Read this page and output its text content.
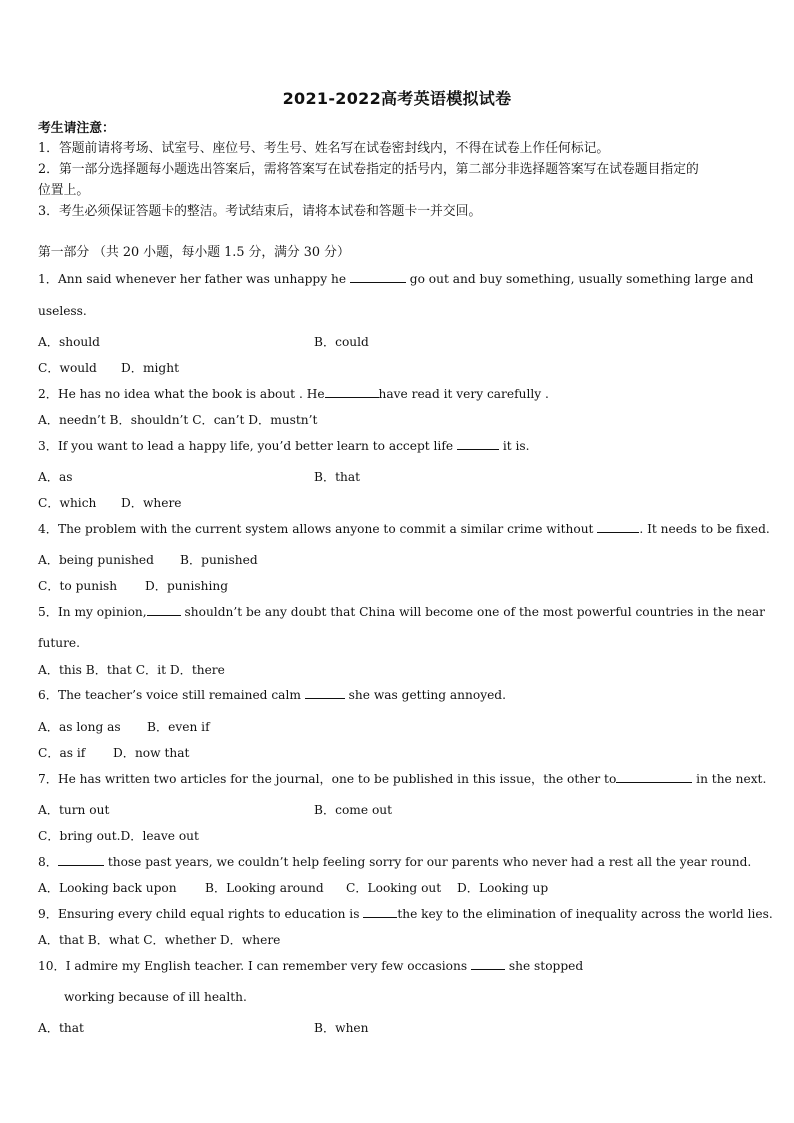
2021-2022高考英语模拟试卷
考生请注意：
1．答题前请将考场、试室号、座位号、考生号、姓名写在试卷密封线内，不得在试卷上作任何标记。
2．第一部分选择题每小题选出答案后，需将答案写在试卷指定的括号内，第二部分非选择题答案写在试卷题目指定的
位置上。
3．考生必须保证答题卡的整洁。考试结束后，请将本试卷和答题卡一并交回。
第一部分 （共 20 小题，每小题 1.5 分，满分 30 分）
1．Ann said whenever her father was unhappy he	go out and buy something, usually something large and
useless.
A．should	B．could
C．would D．might
2．He has no idea what the book is about . He	have read it very carefully .
A．needn’t B．shouldn’t C．can’t D．mustn’t
3．If you want to lead a happy life, you’d better learn to accept life	it is.
A．as	B．that
C．which D．where
4．The problem with the current system allows anyone to commit a similar crime without	. It needs to be fixed.
A．being punished B．punished
C．to punish D．punishing
5．In my opinion,	shouldn’t be any doubt that China will become one of the most powerful countries in the near
future.
A．this B．that C．it D．there
6．The teacher’s voice still remained calm	she was getting annoyed.
A．as long as B．even if
C．as if D．now that
7．He has written two articles for the journal，one to be published in this issue，the other to	in the next.
A．turn out	B．come out
C．bring out.D．leave out
8．	those past years, we couldn’t help feeling sorry for our parents who never had a rest all the year round.
A．Looking back upon B．Looking around C．Looking out D．Looking up
9．Ensuring every child equal rights to education is	the key to the elimination of inequality across the world lies.
A．that B．what C．whether D．where
10．I admire my English teacher. I can remember very few occasions	she stopped
working because of ill health.
A．that	B．when
